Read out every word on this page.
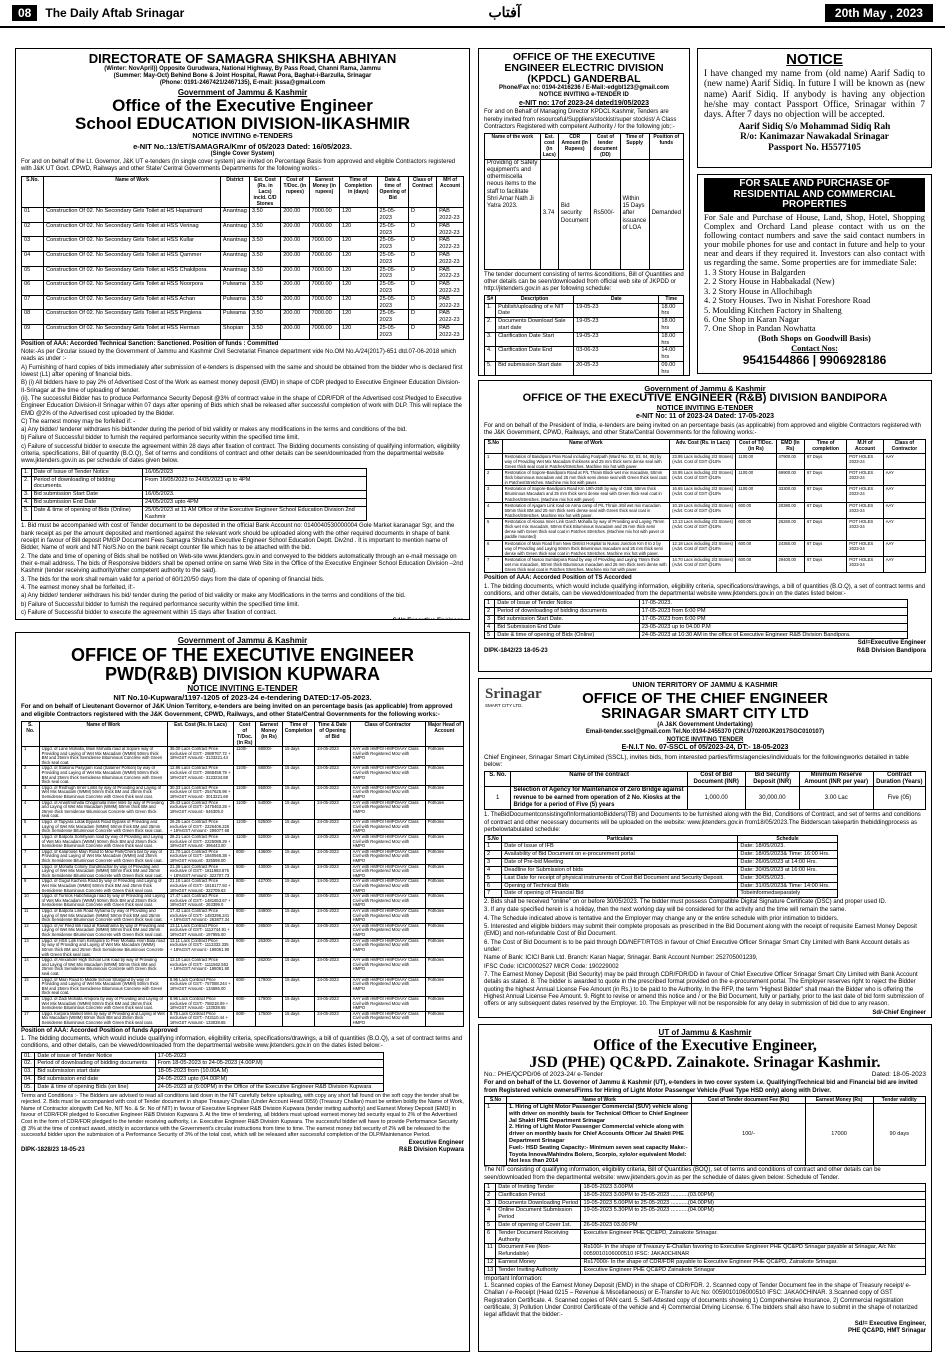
08	The Daily Aftab Srinagar	آفتاب	20th May , 2023
DIRECTORATE OF SAMAGRA SHIKSHA ABHIYAN
(Winter: NovApril)) Opposite Gurudwara, National Highway, By Pass Road, Channi Rama, Jammu
(Summer: May-Oct) Behind Bone & Joint Hospital, Rawat Pora, Baghat-i-Barzulla, Srinagar
(Phone: 0191-2467421/2467135), E-mail: jkssa@gmail.com
Government of Jammu & Kashmir
Office of the Executive Engineer
School EDUCATION DIVISION-IIKASHMIR
NOTICE INVITING e-TENDERS
e-NIT No.:13/ET/SAMAGRA/Kmr of 05/2023 Dated: 16/05/2023.
(Single Cover System)

For and on behalf of the Lt. Governor, J&K UT e-tenders (In single cover system) are invited on Percentage Basis from approved and eligible Contractors registered with J&K UT Govt. CPWD, Railways and other State/ Central Governments Departments for the following works:-

S.No.	Name of Work	District	Est. Cost (Rs. in Lacs) incld. C/D Stones	Cost of T/Doc. (in rupees)	Earnest Money (in rupees)	Time of Completion in (days)	Date & time of Opening of Bid	Class of Contract	MH of Account
01	Construction Of 02. No Secondary Girls Toilet at HS Hapatnard	Anantnag	3.50	200.00	7000.00	120	25-05-2023	D	PAB 2022-23
02	Construction Of 02. No Secondary Girls Toilet at HSS Verinag	Anantnag	3.50	200.00	7000.00	120	25-05-2023	D	PAB 2022-23
03	Construction Of 02. No Secondary Girls Toilet at HSS Kullar	Anantnag	3.50	200.00	7000.00	120	25-05-2023	D	PAB 2022-23
04	Construction Of 02. No Secondary Girls Toilet at HSS Qammer	Anantnag	3.50	200.00	7000.00	120	25-05-2023	D	PAB 2022-23
05	Construction Of 02. No Secondary Girls Toilet at HSS Chakilpora	Anantnag	3.50	200.00	7000.00	120	25-05-2023	D	PAB 2022-23
06	Construction Of 02. No Secondary Girls Toilet at HSS Noorpora	Pulwama	3.50	200.00	7000.00	120	25-05-2023	D	PAB 2022-23
07	Construction Of 02. No Secondary Girls Toilet at HSS Achan	Pulwama	3.50	200.00	7000.00	120	25-05-2023	D	PAB 2022-23
08	Construction Of 02. No Secondary Girls Toilet at HSS Pinglena	Pulwama	3.50	200.00	7000.00	120	25-05-2023	D	PAB 2022-23
09	Construction Of 02. No Secondary Girls Toilet at HSS Herman	Shopian	3.50	200.00	7000.00	120	25-05-2023	D	PAB 2022-23

Position of AAA: Accorded Technical Sanction: Sanctioned. Position of funds : Committed

Note:-As per Circular issued by the Government of Jammu and Kashmir Civil Secretariat Finance department vide No.OM No.A/24(2017)-651 dtd.07-06-2018 which reads as under :-

A) Furnishing of hard copies of bids immediately after submission of e-tenders is dispensed with the same and should be obtained from the bidder who is declared first lowest (L1) after opening of financial bids.

B) (i) All bidders have to pay 2% of Advertised Cost of the Work as earnest money deposit (EMD) in shape of CDR pledged to Executive Engineer Education Division-II-Srinagar at the time of uploading of tender.

(ii). The successful Bidder has to produce Performance Security Deposit @3% of contract value in the shape of CDR/FDR of the Advertised cost Pledged to Executive Engineer Education Division-II Srinagar within 07 days after opening of Bids which shall be released after successful completion of work with DLP. This will replace the EMD @2% of the Advertised cost uploaded by the Bidder.

C) The earnest money may be forfeited if: -

a) Any bidder/ tenderer withdraws his bid/tender during the period of bid validity or makes any modifications in the terms and conditions of the bid.

b) Failure of Successful bidder to furnish the required performance security within the specified time limit.

c) Failure of successful bidder to execute the agreement within 28 days after fixation of contract. The Bidding documents consisting of qualifying information, eligibility criteria, specifications, Bill of quantity (B.O.Q), Set of terms and conditions of contract and other details can be seen/downloaded from the departmental website www.jktenders.gov.in as per schedule of dates given below.

1.	Date of Issue of Tender Notice	16/05/2023
2.	Period of downloading of bidding documents.	From 16/05/2023 to 24/05/2023 up to 4PM
3.	Bid submission Start Date	16/05/2023.
4.	Bid submission End Date	24/05/2023 upto 4PM
5.	Date & time of opening of Bids (Online)	25/05/2023 at 11 AM Office of the Executive Engineer School Education Division 2nd Kashmir

1. Bid must be accompanied with cost of Tender document to be deposited in the official Bank Account no: 0140040530000004 Gole Market karanagar Sgr, and the bank receipt as per the amount deposited and mentioned against the relevant work should be uploaded along with the other required documents in shape of bank receipt in favour of Bill deposit PMGP Document Fees Samagra Shiksha Executive Engineer School Education Deptt. Div2nd . It is important to mention name of Bidder, Name of work and NIT No/S.No on the bank receipt counter file which has to be attached with the bid.

2. The date and time of opening of Bids shall be notified on Web-site www.jktenders.gov.in and conveyed to the bidders automatically through an e-mail message on their e-mail address. The bids of Responsive bidders shall be opened online on same Web Site in the Office of the Executive Engineer School Education Division –2nd Kashmir (tender receiving authority/other competent authority to the said).

3. The bids for the work shall remain valid for a period of 60/120/50 days from the date of opening of financial bids.

4. The earnest money shall be forfeited, if:-

a) Any bidder/ tenderer withdraws his bid/ tender during the period of bid validity or make any Modifications in the terms and conditions of the bid.

b) Failure of Successful bidder to furnish the required performance security within the specified time limit.

c) Failure of Successful bidder to execute the agreement within 15 days after fixation of contract.

Government of Jammu & Kashmir
OFFICE OF THE EXECUTIVE ENGINEER
PWD(R&B) DIVISION KUPWARA
NOTICE INVITING E-TENDER
NIT No.10-Kupwara/1197-1205 of 2023-24 e-tendering DATED:17-05-2023.

For and on behalf of Lieutenant Governor of J&K Union Territory, e-tenders are being invited on an percentage basis (as applicable) from approved and eligible Contractors registered with the J&K Government, CPWD, Railways, and other State/Central Governments for the following works:-

S. No.	Name of Work	Est. Cost (Rs. In Lacs)	Cost of T/Doc. (in Rs)	Earnest Money (in Rs)	Time of Completion	Time & Date of Opening of Bid	Class of Contractor	Major Head of Account
1	Upgd. of Lane Mohalla, Main Mohalla road at Sopore way of Providing and Laying of Wet Mix Macadam (WMM) 50mm thick BM and 25mm thick Semidense Bituminous Concrete with Green thick seal coat.	35.00 Lacs Contract Price exclusive of GST:- 2989767.72 + 18%GST Amount:- 3133221.44	1100/-	68000/-	15 days	24-05-2023	AAY with HMPO/ HMPO/AAY Class Civil with Registered MoU with HMPO	Potholes
2	Upgd. of Stakonu Pasygam road (Salamer Portion) by way of Providing and Laying of Wet Mix Macadam (WMM) 50mm thick BM and 25mm thick Semidense Bituminous Concrete with Green thick seal coat.	12.96 Lacs Contract Price exclusive of GST:- 2868459.78 + 18%GST Amount:- 3133234.88	1100/-	68000/-	15 days	24-05-2023	AAY with HMPO/ HMPO/AAY Class Civil with Registered MoU with HMPO	Potholes
3	Upgd. of Redhugh Inner Links by way of Providing and Laying of Wet Mix Macadam (WMM) 50mm thick BM and 25mm thick Semidense Bituminous Concrete with Green thick seal coat.	30.33 Lacs Contract Price exclusive of GST:- 2547625.98 + 18%GST Amount:- 3013221.68	1100/-	55000/-	15 days	24-05-2023	AAY with HMPO/ HMPO/AAY Class Civil with Registered MoU with HMPO	Potholes
4	Upgd. of Anantmohalla Chogimulla Inner links by way of Providing and Laying of Wet Mix Macadam (WMM) 50mm thick BM and 25mm thick Semidense Bituminous Concrete with Green thick seal coat.	29.43 Lacs Contract Price exclusive of GST:- 2475463.28 + 18%GST Amount:- 646305.0	1100/-	54000/-	15 days	24-05-2023	AAY with HMPO/ HMPO/AAY Class Civil with Registered MoU with HMPO	Potholes
5	Upgd. of Tapyara Lotak Bypass Road Bypass of Providing and Laying of Wet Mix Macadam (WMM) 50mm thick BM and 25mm thick Semidense Bituminous Concrete with Green thick seal coat.	26.25 Lacs Contract Price exclusive of GST:- 2226406.225 + 18%GST Amount:- 296077.68	1100/-	52500/-	15 days	24-05-2023	AAY with HMPO/ HMPO/AAY Class Civil with Registered MoU with HMPO	Potholes
6	Upgd. of Batpora Somhyaon road by way of Providing and Laying of Wet Mix Macadam (WMM) 50mm thick BM and 25mm thick Semidense Bituminous Concrete with Green thick seal coat.	26.21 Lacs Contract Price exclusive of GST:- 2225089.29 + 18%GST Amount:- 395443.00	1100/-	52000/-	15 days	24-05-2023	AAY with HMPO/ HMPO/AAY Class Civil with Registered MoU with HMPO	Potholes
7	Upgd. of Kalaroose Main Road to Mow Park/Chera bar by way of Providing and Laying of Wet Mix Macadam (WMM) and 25mm thick Semidense Bituminous Concrete with Green thick seal coat.	21.70 Lacs Contract Price exclusive of GST:- 1840948.38 + 18%GST Amount:- 325598.00	800/-	43600/-	15 days	24-05-2023	AAY with HMPO/ HMPO/AAY Class Civil with Registered MoU with HMPO	Potholes
8	Upgd. of Mohalla Colony Gundmachar by way of Providing and Laying of Wet Mix Macadam (WMM) 50mm thick BM and 25mm thick Semidense Bituminous Concrete with Green thick seal coat.	21.36 Lacs Contract Price exclusive of GST:- 1811983.875 + 18%GST Amount:- 322707.73	800/-	43000/-	15 days	24-05-2023	AAY with HMPO/ HMPO/AAY Class Civil with Registered MoU with HMPO	Potholes
9	Upgd. of Gugul Kachera Road by way of Providing and Laying of Wet Mix Macadam (WMM) 50mm thick BM and 25mm thick Semidense Bituminous Concrete with Green thick seal coat.	21.16 Lacs Contract Price exclusive of GST:- 1818177.93 + 18%GST Amount:- 322709.63	800/-	42700/-	15 days	24-05-2023	AAY with HMPO/ HMPO/AAY Class Civil with Registered MoU with HMPO	Potholes
10	Upgd. of Turmos Habchinaga road by way of Providing and Laying of Wet Mix Macadam (WMM) 50mm thick BM and 25mm thick Semidense Bituminous Concrete with Green thick seal coat.	17.47 Lacs Contract Price exclusive of GST:- 1481653.67 + 18%GST Amount:- 263399.0	800/-	35000/-	15 days	24-05-2023	AAY with HMPO/ HMPO/AAY Class Civil with Registered MoU with HMPO	Potholes
11	Upgd. of Batpora Link Road Nyhama by way of Providing and Laying of Wet Mix Macadam (WMM) 50mm thick BM and 25mm thick Semidense Bituminous Concrete with Green thick seal coat.	17.42 Lacs Contract Price exclusive of GST:- 1483296.241 + 18%GST Amount:- 263877.34	800/-	34900/-	15 days	24-05-2023	AAY with HMPO/ HMPO/AAY Class Civil with Registered MoU with HMPO	Potholes
12	Upgd. of Air Filed link road at Rawalhama by way of Providing and Laying of Wet Mix Macadam (WMM) 50mm thick BM and 25mm thick Semidense Bituminous Concrete with Green thick seal coat.	13.11 Lacs Contract Price exclusive of GST:- 1112744.91 + 18%GST Amount:- 197955.00	600/-	26500/-	15 days	24-05-2023	AAY with HMPO/ HMPO/AAY Class Civil with Registered MoU with HMPO	Potholes
13	Upgd. of HSS Link from Kerlapore to Peer Mohalla Horri Bala road by way of Providing and Laying of Wet Mix Macadam (WMM) 50mm thick BM and 25mm thick Semidense Bituminous Concrete with Green thick seal coat.	13.11 Lacs Contract Price exclusive of GST:- 1113332.335 + 18%GST Amount:- 198061.90	600/-	26300/-	15 days	24-05-2023	AAY with HMPO/ HMPO/AAY Class Civil with Registered MoU with HMPO	Potholes
14	Upgd. of Alexander High School Link road by way of Providing and Laying of Wet Mix Macadam (WMM) 50mm thick BM and 25mm thick Semidense Bituminous Concrete with Green thick seal coat.	13.10 Lacs Contract Price exclusive of GST:- 1111562.552 + 18%GST Amount:- 198061.90	600/-	26200/-	15 days	24-05-2023	AAY with HMPO/ HMPO/AAY Class Civil with Registered MoU with HMPO	Potholes
15	Upgd. of Main Road to Middle School Shalgund by way of Providing and Laying of Wet Mix Macadam (WMM) 50mm thick BM and 25mm thick Semidense Bituminous Concrete with Green thick seal coat.	8.96 Lacs Contract Price exclusive of GST:- 757088.244 + 18%GST Amount:- 134686.00	600/-	17900/-	15 days	24-05-2023	AAY with HMPO/ HMPO/AAY Class Civil with Registered MoU with HMPO	Potholes
16	Upgd. of Zadi Mohalla Amipora by way of Providing and Laying of Wet Mix Macadam (WMM) 50mm thick BM and 25mm thick Semidense Bituminous Concrete with Green thick seal coat.	8.96 Lacs Contract Price exclusive of GST:- 758218.09 + 18%GST Amount:- 133038.65	600/-	17900/-	15 days	24-05-2023	AAY with HMPO/ HMPO/AAY Class Civil with Registered MoU with HMPO	Potholes
17	Upgd. Kurpora Market links by way of Providing and Laying of Wet Mix Macadam (WMM) 50mm thick BM and 25mm thick Semidense Bituminous Concrete with Green thick seal coat.	8.76 Lacs Contract Price exclusive of GST:- 743110.44 + 18%GST Amount:- 133038.65	600/-	17500/-	15 days	24-05-2023	AAY with HMPO/ HMPO/AAY Class Civil with Registered MoU with HMPO	Potholes

Position of AAA: Accorded Position of funds Approved

1. The bidding documents, which would include qualifying information, eligibility criteria, specifications/drawings, a bill of quantities (B.O.Q), a set of contract terms and conditions, and other details, can be viewed/downloaded from the departmental website www.jktenders.gov.in on the dates listed below:-

01.	Date of issue of Tender Notice	17-05-2023
02.	Period of downloading of bidding documents	From 18-05-2023 to 24-05-2023 (4.00P.M)
03.	Bid submission start date	18-05-2023 from (10.00A.M)
04.	Bid submission end date	24-05-2023 upto (04.00P.M)
05.	Date & time of opening Bids (on line)	24-05-2023 at (6:00PM) in the Office of the Executive Engineer R&B Division Kupwara

Terms and Conditions :- The Bidders are advised to read all conditions laid down in the NIT carefully before uploading, with copy any short fall found on the soft copy the tender shall be rejected. 2. Bids must be accompanied with cost of Tender document in shape Treasury Challan (Under Account Head 0059) (Treasury Challan) must be written boldly the Name of Work, Name of Contractor alongwith Cell No, NIT No. & Sr. No of NIT) in favour of Executive Engineer R&B Division Kupwara (tender inviting authority) and Earnest Money Deposit (EMD) in favour of CDR/FDR pledged to Executive Engineer R&B Division Kupwara 3. At the time of tendering, all bidders must upload earnest money bid security equal to 2% of the Advertised Cost in the form of CDR/FDR pledged to the tender receiving authority, i.e. Executive Engineer R&B Division Kupwara. The successful bidder will have to provide Performance Security @ 3% at the time of contract award, strictly in accordance with the Government's circular instructions from time to time. The earnest money bid security of 2% will be released to the successful bidder upon the submission of a Performance Security of 3% of the total cost, which will be released after successful completion of the DLP/Maintenance Period.

Executive Engineer
DIPK-1828/23 18-05-23	R&B Division Kupwara
OFFICE OF THE EXECUTIVE
ENGINEER ELECTRIC DIVISION
(KPDCL) GANDERBAL
Phone/Fax no: 0194-2416236 / E-Mail:-edgbl123@gmail.com
NOTICE INVITING e-TENDER ID
e-NIT no: 17of 2023-24 dated19/05/2023

For and on Behalf of Managing Director KPDCL Kashmir, Tenders are hereby invited from resourceful/Suppliers/stockist/super stockist/ A Class Contractors Registered with competent Authority / for the following job;:-

Name of the work	Est. cost (in Lacs)	CDR Amount (In Rupees)	Cost of tender document (DD)	Time of Supply	Position of funds
Providing of Safety equipment's and othermiscella neous items to the staff to facilitate Shri Amar Nath Ji Yatra 2023.	3.74	Bid security Document	Rs500/-	Within 15 Days after issuance of LOA	Demanded

The tender document consisting of terms &conditions, Bill of Quantities and other details can be seen/downloaded from official web site of JKPDD or http://jktenders.gov.in as per following schedule:

S#	Description	Date	Time
1.	Publish/uploading of e NIT Date	19-05-23	18.00 hrs
2.	Documents Download Sale start date	19-05-23	18.00 hrs
3.	Clarification Date Start	19-05-23	18.00 hrs
4.	Clarification Date End	03-06-23	14.00 hrs
5.	Bid submission Start date	20-05-23	09.00 hrs

NOTICE

I have changed my name from (old name) Aarif Sadiq to (new name) Aarif Sidiq. In future I will be known as (new name) Aarif Sidiq. If anybody is having any objection he/she may contact Passport Office, Srinagar within 7 days. After 7 days no objection will be accepted.

Aarif Sidiq S/o Mohammad Sidiq Rah
R/o: Kanimazar Nawakadal Srinagar
Passport No. H5577105
FOR SALE AND PURCHASE OF
RESIDENTIAL AND COMMERCIAL
PROPERTIES

For Sale and Purchase of House, Land, Shop, Hotel, Shopping Complex and Orchard Land please contact with us on the following contact numbers and save the said contact numbers in your mobile phones for use and contact in future and help to your near and dears if they required it. Investors can also contact with us regarding the same. Some properties are for immediate Sale:

1. 3 Story House in Balgarden
2. 2 Story House in Habbakadal (New)
3. 2 Story House in Allochibagh
4. 2 Story Houses. Two in Nishat Foreshore Road
5. Moulding Kitchen Factory in Shalteng
6. One Shop in Karan Nagar
7. One Shop in Pandan Nowhatta
(Both Shops on Goodwill Basis)
Contact Nos:
9541544866 | 9906928186
Government of Jammu & Kashmir
OFFICE OF THE EXECUTIVE ENGINEER (R&B) DIVISION BANDIPORA
NOTICE INVITING E-TENDER
e-NIT No: 11 of 2023-24 Dated: 17-05-2023

For and on behalf of the President of India, e-tenders are being invited on an percentage basis (as applicable) from approved and eligible Contractors registered with the J&K Government, CPWD, Railways, and other State/Central Governments for the following works:-

S.No	Name of Work	Adv. Cost (Rs. in Lacs)	Cost of T/Doc. (in Rs)	EMD (In Rs)	Time of completion	M.H of Account	Class of Contractor
1	Restoration of Bandipora Pran Road including Footpath (Ward No. 02, 03, 04, 05) by way of Providing Wet Mix Macadam thickness and 25 mm thick semi dense seal with Green thick seal coat in Patches/Stretches. Machine mix hot with paver.	23.95 Lacs including 2/3 Stones) (Advt. Cost of GST @18%	1100.00	47900.00	67 Days	POT HOLES 2023-24	AAY
2	Restoration of Sopore-Bandipora Road at P/L Thrain Block wet mix macadam, 50mm thick bituminous macadam and 25 mm thick semi dense seal with Green thick seal coat in Patches/Stretches. Machine mix hot with paver.	34.95 Lacs including 2/3 Stones) (Advt. Cost of GST @18%	1100.00	69900.00	67 Days	POT HOLES 2023-24	AAY
3	Restoration of Sopore-Bandipora Road Km 19th-25th by way of GSB, 50mm thick Bituminous Macadam and 25 mm thick semi dense seal with Green thick seal coat in Patches/Stretches. (Machine mix hot with paver)	16.65 Lacs including 2/3 Stones) (Advt. Cost of GST @18%	1100.00	33300.00	67 Days	POT HOLES 2023-24	AAY
4	Restoration of Ajagam Link road on Arma camp of P/L Thrain Jittil wet mix macadam 50mm thick BM and 25 mm thick semi dense seal with Green thick seal coat in Patches/Stretches. Machine mix hot with paver.	10.19 Lacs including 2/3 Stones) (Advt. Cost of GST @18%	600.00	20380.00	67 Days	POT HOLES 2023-24	AAY
5	Restoration of Aloosa Inner Link Garch Mohalla by way of Providing and Laying 75mm thick wet mix macadam, 50mm thick Bituminous macadam and 25 mm thick semi dense with Green thick seal coat in Patches Stretches. (Machine mix hot with paver or paddle mounted)	13.13 Lacs including 2/3 Stones) (Advt. Cost of GST @18%	600.00	26260.00	67 Days	POT HOLES 2023-24	AAY
6	Restoration of Main Road from New District Hospital to Nusoo Junction Km 0 to 2 by way of Providing and Laying 50mm thick Bituminous macadam and 25 mm thick semi dense with Green thick seal coat in Patches Stretches. Machine mix hot with paver.	12.18 Lacs including 2/3 Stones) (Advt. Cost of GST @18%	600.00	24360.00	67 Days	POT HOLES 2023-24	AAY
7	Restoration of Nusoo Sumlarpora Road by way of Providing and Laying 75mm thick wet mix macadam, 50mm thick Bituminous macadam and 25 mm thick semi dense with Green thick seal coat in Patches Stretches. Machine mix hot with paver.	14.70 Lacs including 2/3 Stones) (Advt. Cost of GST @18%	600.00	29400.00	67 Days	POT HOLES 2023-24	AAY

Position of AAA: Accorded Position of TS Accorded

1. The bidding documents, which would include qualifying information, eligibility criteria, specifications/drawings, a bill of quantities (B.O.Q), a set of contract terms and conditions, and other details, can be viewed/downloaded from the departmental website www.jktenders.gov.in on the dates listed below:-

1	Date of Issue of Tender Notice	17-05-2023.
2	Period of downloading of bidding documents	17-05-2023 from 6:00 PM
3	Bid submission Start Date.	17-05-2023 from 6:00 PM
4	Bid Submission End Date	23-05-2023 up to 04.00 P.M
5	Date & time of opening of Bids (Online)	24-05-2023 at 10:30 AM in the office of Executive Engineer R&B Division Bandipora.
Sd/=Executive Engineer
DIPK-1842/23 18-05-23	R&B Division Bandipora
Srinagar
SMART CITY LTD.
UNION TERRITORY OF JAMMU & KASHMIR
OFFICE OF THE CHIEF ENGINEER
SRINAGAR SMART CITY LTD
(A J&K Government Undertaking)
Email-tender.sscl@gmail.com Tel.No:0194-2455370 (CIN:U70200JK2017SGC010107)
NOTICE INVITING TENDER
E-N.I.T No. 07-SSCL of 05/2023-24, DT:- 18-05-2023

Chief Engineer, Srinagar Smart CityLimited (SSCL), invites bids, from interested parties/firms/agencies/individuals for the followingworks detailed in table below:

S. No.	Name of the contract	Cost of Bid Document (INR)	Bid Security Deposit (INR)	Minimum Reserve Amount (INR per year)	Contract Duration (Years)
1	Selection of Agency for Maintenance of Zero Bridge against revenue to be earned from operation of 2 No. Kiosks at the Bridge for a period of Five (5) years	1,000.00	30,000.00	3.00 Lac	Five (05)

1. TheBidDocumentconsistingofInformationtoBidders(ITB) and Documents to be furnished along with the Bid, Conditions of Contract, and set of terms and conditions of contract and other necessary documents will be uploaded on the website: www.jktenders.gov.in from18/05/2023.The Bidderscan takepartin thebiddingprocess as perbelowtabulated schedule:

S.No	Particulars	Schedule
1	Date of Issue of IFB	Date: 18/05/2023.
2	Availability of Bid Document on e-procurement portal	Date: 18/05/2023& Time: 16:00 Hrs.
3	Date of Pre-bid Meeting	Date: 26/05/2023 at 14:00 Hrs.
4	Deadline for Submission of bids	Date: 30/05/2023 at 16:00 Hrs.
5	Last Date for receipt of physical instruments of Cost Bid Document and Security Deposit.	Date: 30/05/2023.
6	Opening of Technical Bids	Date: 31/05/2023& Time: 14:00 Hrs.
7	Date of opening of Financial Bid	Tobeinformedseparately

2. Bids shall be received "online" on or before 30/05/2023. The bidder must possess Compatible Digital Signature Certificate (DSC) and proper used ID.

3. If any date specified herein is a holiday, then the next working day will be considered for the activity and the time will remain the same.

4. The Schedule indicated above is tentative and the Employer may change any or the entire schedule with prior intimation to bidders.

5. Interested and eligible bidders may submit their complete proposals as prescribed in the Bid Document along with the receipt of requisite Earnest Money Deposit (EMD) and non-refundable Cost of Bid Document.

6. The Cost of Bid Document is to be paid through DD/NEFT/RTGS in favour of Chief Executive Officer Srinagar Smart City Limited with Bank Account details as under:

Name of Bank: ICICI Bank Ltd. Branch: Karan Nagar, Srinagar. Bank Account Number: 252705001239,

IFSC Code: ICIC0002527 MICR Code: 190229002

7. The Earnest Money Deposit (Bid Security) may be paid through CDR/FDR/DD in favour of Chief Executive Officer Srinagar Smart City Limited with Bank Account details as stated. 8. The bidder is awarded to quote in the prescribed format provided on the e-procurement portal. The Employer reserves right to reject the Bidder quoting the highest Annual License Fee Amount (in Rs.) to be paid to the Authority. In the RFP, the term "Highest Bidder" shall mean the Bidder who is offering the Highest Annual License Fee Amount. 9. Right to revise or amend this notice and / or the Bid Document, fully or partially, prior to the last date of bid form submission of offers or any subsequent dates reserved by the Employer. 10. The Employer will not be responsible for any delay in submission of bid due to any reason.

Sd/-Chief Engineer
UT of Jammu & Kashmir
Office of the Executive Engineer,
JSD (PHE) QC&PD. Zainakote. Srinagar Kashmir.
No.: PHE/QCPD/06 of 2023-24/ e-Tender	Dated: 18-05-2023

For and on behalf of the Lt. Governor of Jammu & Kashmir (UT), e-tenders in two cover system i.e. Qualifying/Technical bid and Financial bid are invited from Registered vehicle owners/Firms for Hiring of Light Motor Passenger Vehicle (Fuel Type HSD only) along with Driver.

S.No	Name of Work	Cost of Tender document Fee (Rs)	Earnest Money (Rs)	Tender validity
1	1. Hiring of Light Motor Passenger Commercial (SUV) vehicle along with driver on monthly basis for Technical Officer to Chief Engineer Jal Shakti PHE Department Srinagar
2. Hiring of Light Motor Passenger Commercial vehicle along with driver on monthly basis for Chief Accounts Officer Jal Shakti PHE Department Srinagar
Fuel:- HSD Seating Capacity:- Minimum seven seat capacity Make:- Toyota Innova/Mahindra Bolero, Scorpio, xylo/or equivalent Model: Not less than 2014	100/-	17000	90 days

The NIT consisting of qualifying information, eligibility criteria, Bill of Quantities (BOQ), set of terms and conditions of contract and other details can be seen/downloaded from the departmental website: www.jktenders.gov.in as per the schedule of dates given below: Schedule of Tender.

1	Date of Inviting Tender	18-05-2023 3.00PM
2	Clarification Period	18-05-2023 3.00PM to 25-05-2023 ...........(03.00PM)
3	Documents Downloading Period	19-05-2023 5.00PM to 25-05-2023 ...........(04.00PM)
4	Online Document Submission Period	19-05-2023 5.30PM to 25-05-2023 ...........(04.00PM)
5	Date of opening of Cover 1st.	26-05-2023 03.00 PM
6	Tender Document Receiving Authority	Executive Engineer PHE QC&PD, Zainakote Srinagar.
11	Document Fee (Non-Refundable)	Rs100/- In the shape of Treasury E-Challan favoring to Executive Engineer PHE QC&PD Srinagar payable at Srinagar, A/c No: 0059010106000510 IFSC: JAKA0CHINAR
12	Earnest Money	Rs17000/- In the shape of CDR/FDR payable to Executive Engineer PHE QC&PD, Zainakote Srinagar.
13	Tender Inviting Authority	Executive Engineer PHE QC&PD Zainakote Srinagar

Important Information:
1. Scanned copies of the Earnest Money Deposit (EMD) in the shape of CDR/FDR. 2. Scanned copy of Tender Document fee in the shape of Treasury receipt/ e-Challan / e-Receipt (Head 0215 – Revenue & Miscellaneous) or E-Transfer to A/c No: 0059010106000510 IFSC: JAKA0CHINAR. 3.Scanned copy of GST Registration Certificate. 4. Scanned copies of PAN card. 5. Self-Attested copy of documents showing 1) Comprehensive Insurance, 2) Commercial registration certificate, 3) Pollution Under Control Certificate of the vehicle and 4) Commercial Driving License. 6.The bidders shall also have to submit in the shape of notarized legal affidavit that the bidder:-

Sd/= Executive Engineer,
PHE QC&PD, HMT Srinagar
